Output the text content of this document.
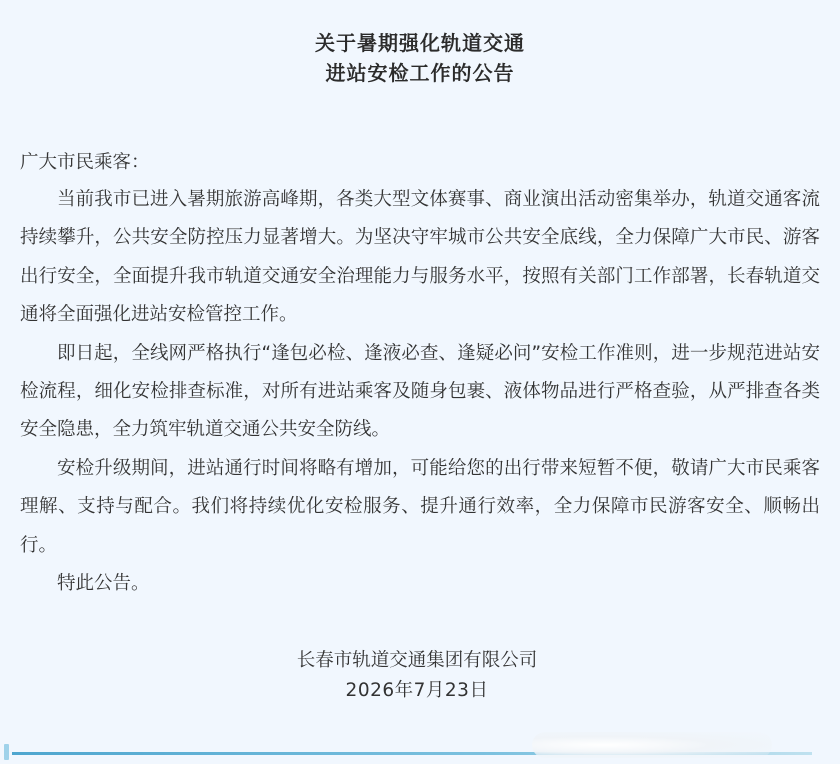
关于暑期强化轨道交通
进站安检工作的公告
广大市民乘客：

当前我市已进入暑期旅游高峰期，各类大型文体赛事、商业演出活动密集举办，轨道交通客流持续攀升，公共安全防控压力显著增大。为坚决守牢城市公共安全底线，全力保障广大市民、游客出行安全，全面提升我市轨道交通安全治理能力与服务水平，按照有关部门工作部署，长春轨道交通将全面强化进站安检管控工作。

即日起，全线网严格执行“逢包必检、逢液必查、逢疑必问”安检工作准则，进一步规范进站安检流程，细化安检排查标准，对所有进站乘客及随身包裹、液体物品进行严格查验，从严排查各类安全隐患，全力筑牢轨道交通公共安全防线。

安检升级期间，进站通行时间将略有增加，可能给您的出行带来短暂不便，敬请广大市民乘客理解、支持与配合。我们将持续优化安检服务、提升通行效率，全力保障市民游客安全、顺畅出行。

特此公告。

长春市轨道交通集团有限公司
2026年7月23日
